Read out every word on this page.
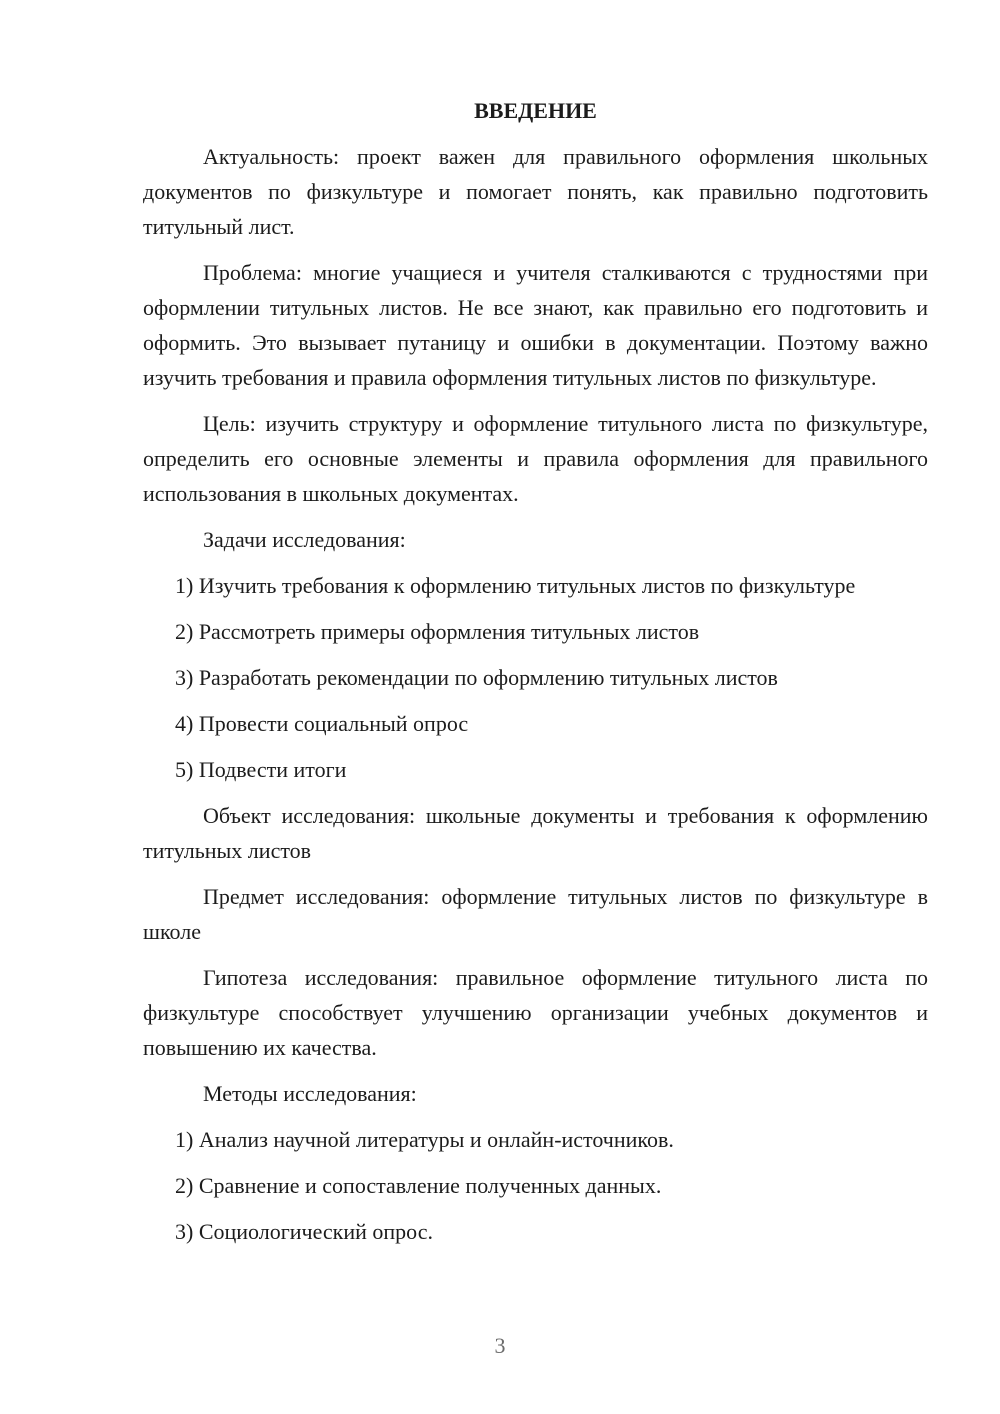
ВВЕДЕНИЕ

Актуальность: проект важен для правильного оформления школьных документов по физкультуре и помогает понять, как правильно подготовить титульный лист.

Проблема: многие учащиеся и учителя сталкиваются с трудностями при оформлении титульных листов. Не все знают, как правильно его подготовить и оформить. Это вызывает путаницу и ошибки в документации. Поэтому важно изучить требования и правила оформления титульных листов по физкультуре.

Цель: изучить структуру и оформление титульного листа по физкультуре, определить его основные элементы и правила оформления для правильного использования в школьных документах.

Задачи исследования:

1) Изучить требования к оформлению титульных листов по физкультуре

2) Рассмотреть примеры оформления титульных листов

3) Разработать рекомендации по оформлению титульных листов

4) Провести социальный опрос

5) Подвести итоги

Объект исследования: школьные документы и требования к оформлению титульных листов

Предмет исследования: оформление титульных листов по физкультуре в школе

Гипотеза исследования: правильное оформление титульного листа по физкультуре способствует улучшению организации учебных документов и повышению их качества.

Методы исследования:

1) Анализ научной литературы и онлайн-источников.

2) Сравнение и сопоставление полученных данных.

3) Социологический опрос.

3
